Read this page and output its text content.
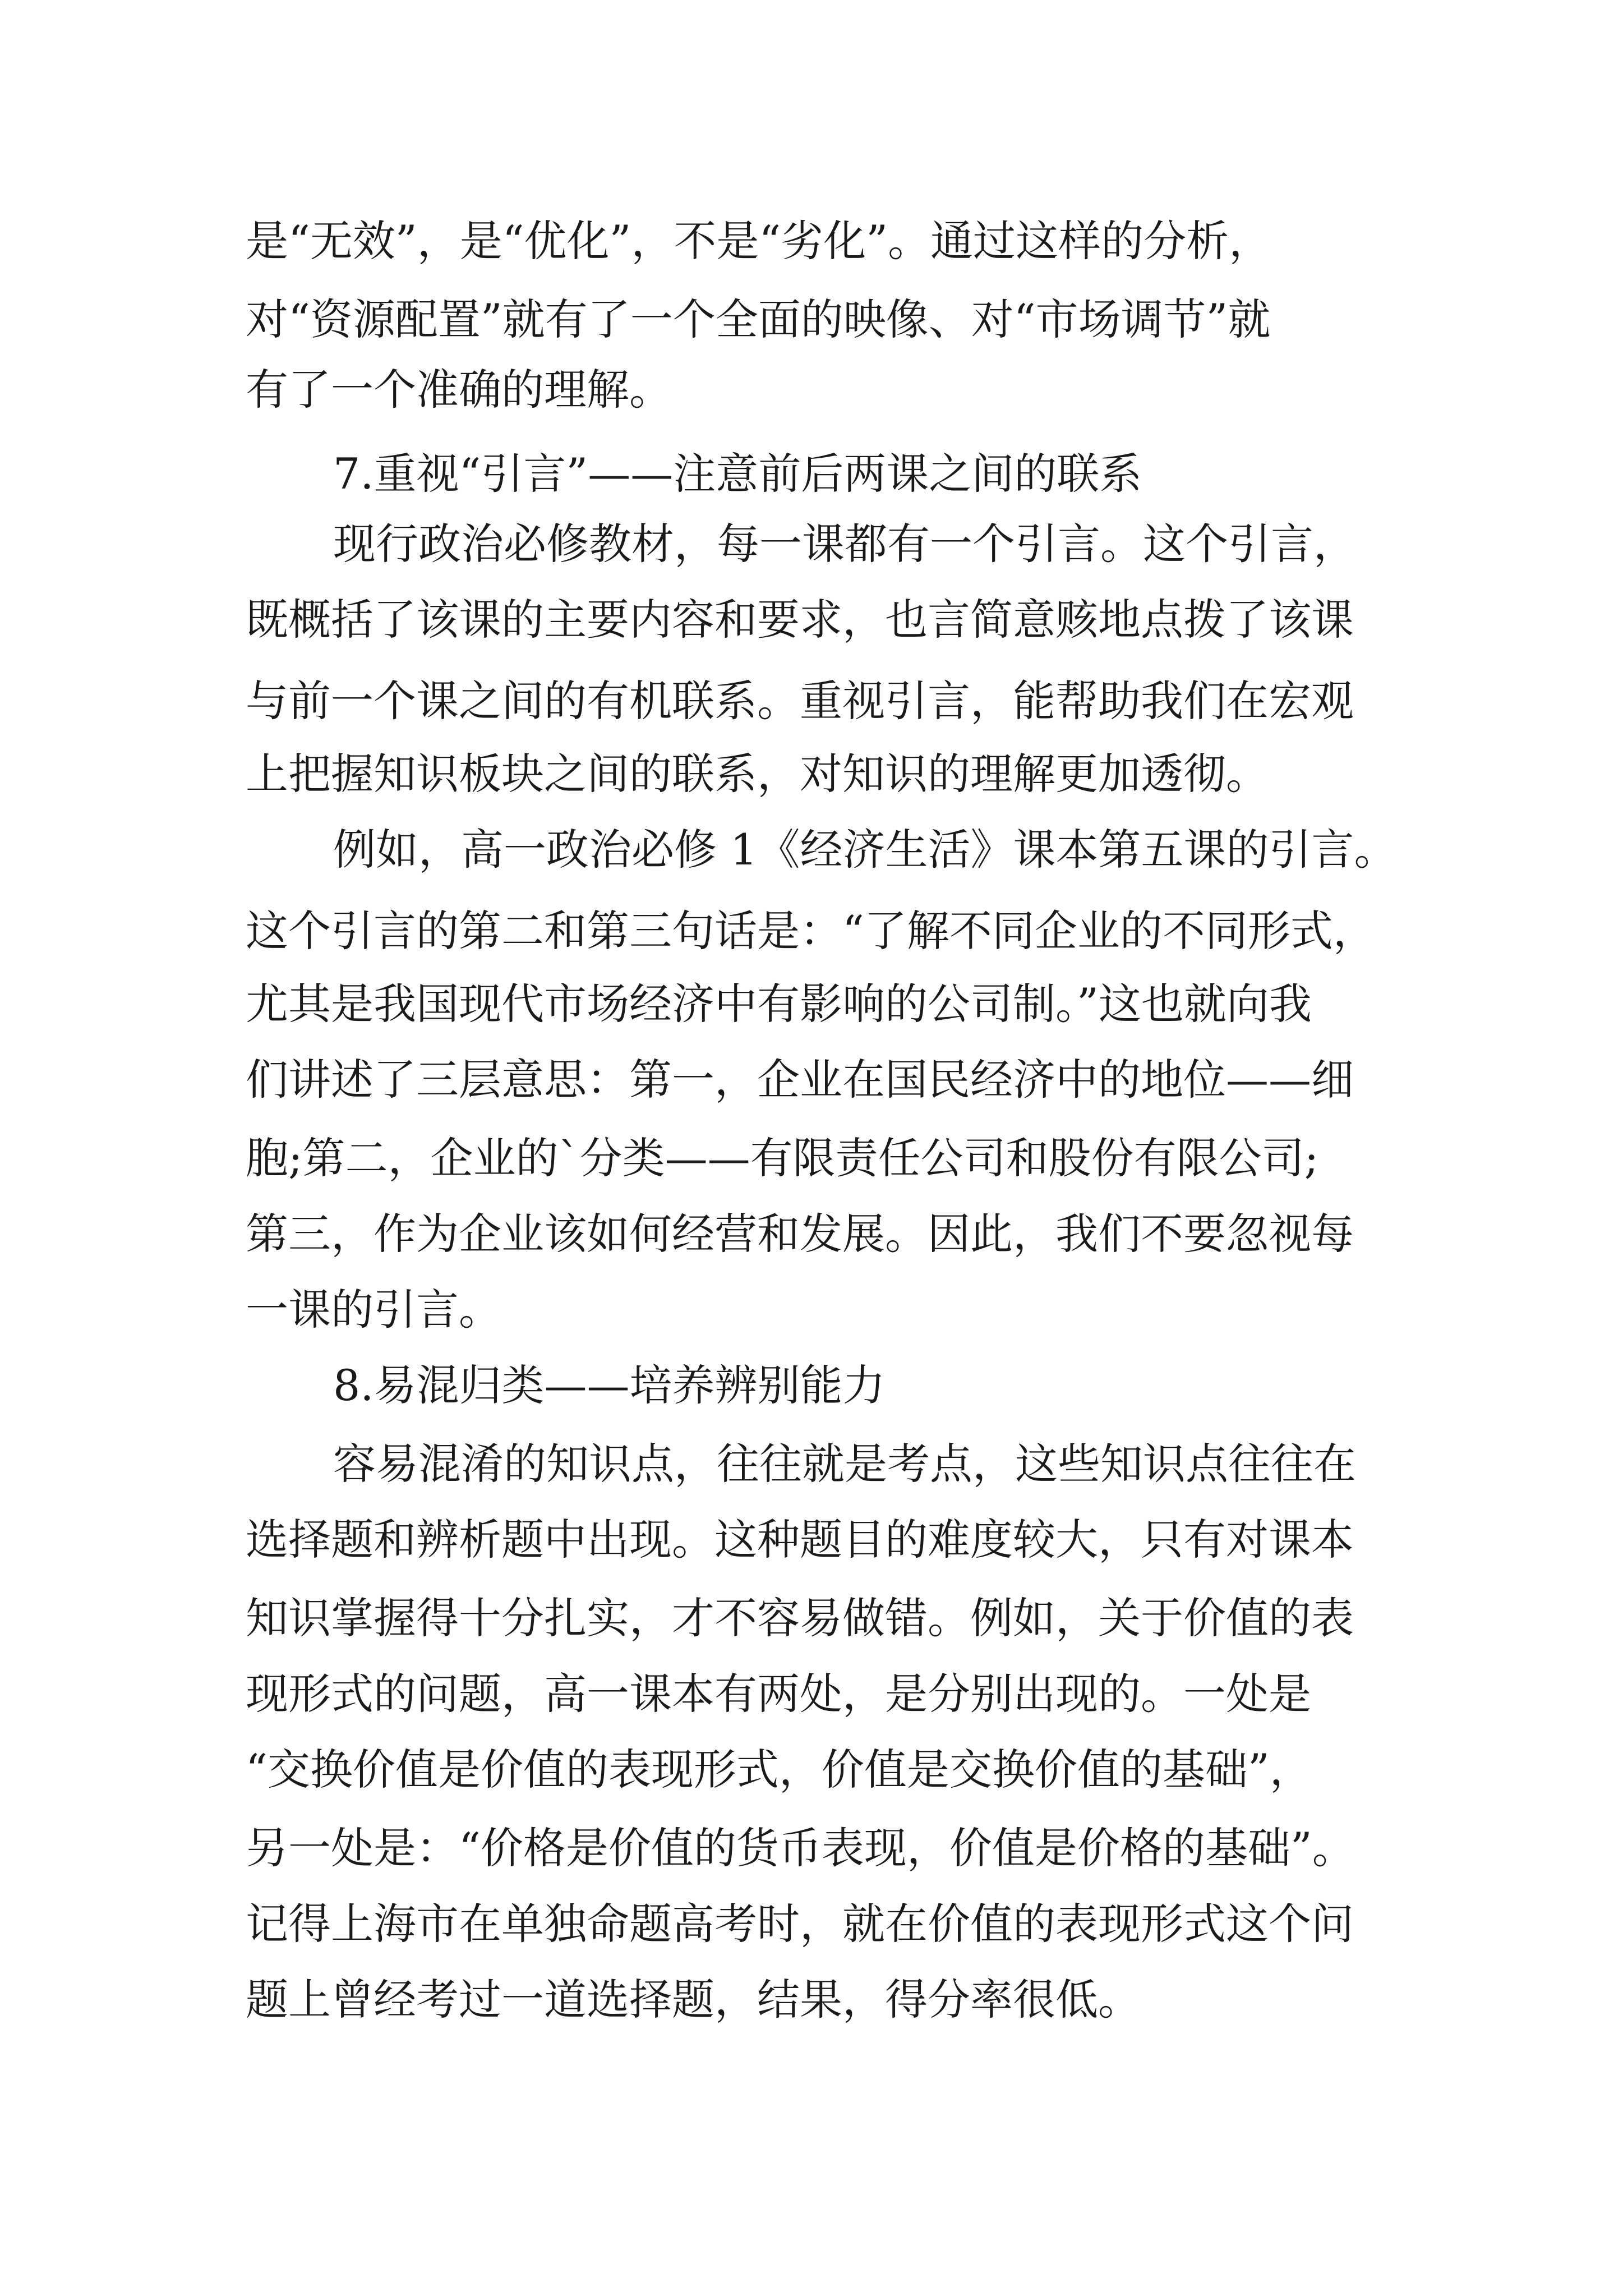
是“无效”，是“优化”，不是“劣化”。通过这样的分析，
对“资源配置”就有了一个全面的映像、对“市场调节”就
有了一个准确的理解。
7.重视“引言”——注意前后两课之间的联系
现行政治必修教材，每一课都有一个引言。这个引言，
既概括了该课的主要内容和要求，也言简意赅地点拨了该课
与前一个课之间的有机联系。重视引言，能帮助我们在宏观
上把握知识板块之间的联系，对知识的理解更加透彻。
例如，高一政治必修 1《经济生活》课本第五课的引言。
这个引言的第二和第三句话是：“了解不同企业的不同形式，
尤其是我国现代市场经济中有影响的公司制。”这也就向我
们讲述了三层意思：第一，企业在国民经济中的地位——细
胞;第二，企业的`分类——有限责任公司和股份有限公司;
第三，作为企业该如何经营和发展。因此，我们不要忽视每
一课的引言。
8.易混归类——培养辨别能力
容易混淆的知识点，往往就是考点，这些知识点往往在
选择题和辨析题中出现。这种题目的难度较大，只有对课本
知识掌握得十分扎实，才不容易做错。例如，关于价值的表
现形式的问题，高一课本有两处，是分别出现的。一处是
“交换价值是价值的表现形式，价值是交换价值的基础”，
另一处是：“价格是价值的货币表现，价值是价格的基础”。
记得上海市在单独命题高考时，就在价值的表现形式这个问
题上曾经考过一道选择题，结果，得分率很低。
